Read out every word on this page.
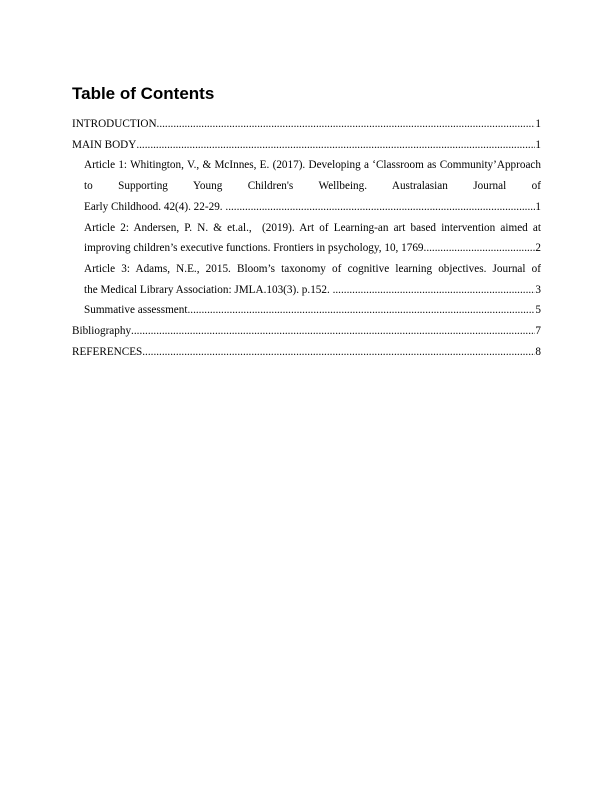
Table of Contents
INTRODUCTION .....	1
MAIN BODY .....	1
Article 1: Whitington, V., & McInnes, E. (2017). Developing a ‘Classroom as Community’Approach to Supporting Young Children's Wellbeing. Australasian Journal of
Early Childhood. 42(4). 22-29. .....	1
Article 2: Andersen, P. N. & et.al.,  (2019). Art of Learning-an art based intervention aimed at
improving children’s executive functions. Frontiers in psychology, 10, 1769 .....	2
Article 3: Adams, N.E., 2015. Bloom’s taxonomy of cognitive learning objectives. Journal of
the Medical Library Association: JMLA.103(3). p.152. .....	3
Summative assessment .....	5
Bibliography .....	7
REFERENCES .....	8
